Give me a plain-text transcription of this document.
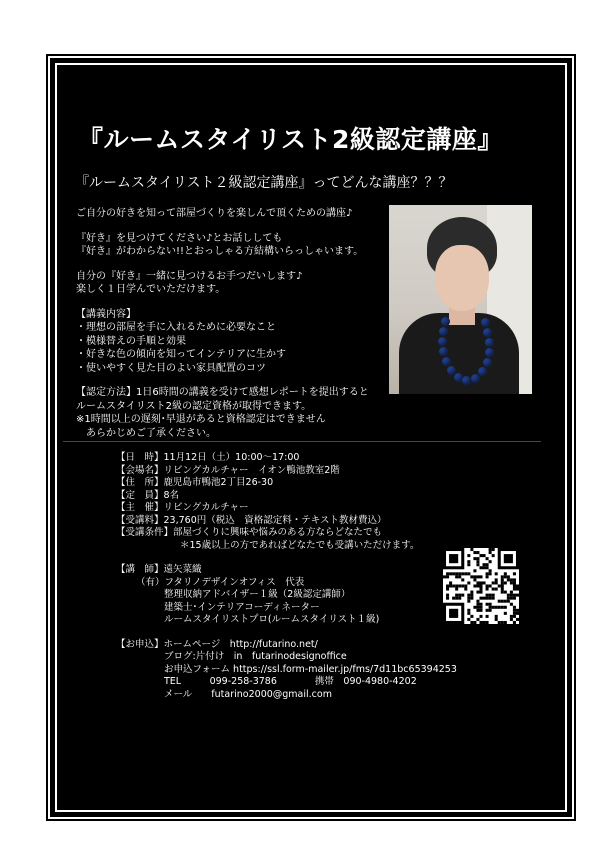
『ルームスタイリスト2級認定講座』
『ルームスタイリスト２級認定講座』ってどんな講座？？？

ご自分の好きを知って部屋づくりを楽しんで頂くための講座♪

『好き』を見つけてください♪とお話ししても
『好き』がわからない!!とおっしゃる方結構いらっしゃいます。

自分の『好き』一緒に見つけるお手つだいします♪
楽しく１日学んでいただけます。

【講義内容】
・理想の部屋を手に入れるために必要なこと
・模様替えの手順と効果
・好きな色の傾向を知ってインテリアに生かす
・使いやすく見た目のよい家具配置のコツ

【認定方法】1日6時間の講義を受けて感想レポートを提出すると
ルームスタイリスト2級の認定資格が取得できます。
※1時間以上の遅刻･早退があると資格認定はできません
　あらかじめご了承ください。

【日　時】11月12日（土）10:00～17:00
【会場名】リビングカルチャー　イオン鴨池教室2階
【住　所】鹿児島市鴨池2丁目26-30
【定　員】8名
【主　催】リビングカルチャー
【受講料】23,760円（税込　資格認定料・テキスト教材費込）
【受講条件】部屋づくりに興味や悩みのある方ならどなたでも
＊15歳以上の方であればどなたでも受講いただけます。
【講　師】遠矢菜織
（有）フタリノデザインオフィス　代表
整理収納アドバイザー１級（2級認定講師）
建築士･インテリアコーディネーター
ルームスタイリストプロ(ルームスタイリスト１級)
【お申込】ホームページ　http://futarino.net/
ブログ:片付け　in　futarinodesignoffice
お申込フォーム https://ssl.form-mailer.jp/fms/7d11bc65394253
TEL　　　099-258-3786　　　　携帯　090-4980-4202
メール　　futarino2000@gmail.com
